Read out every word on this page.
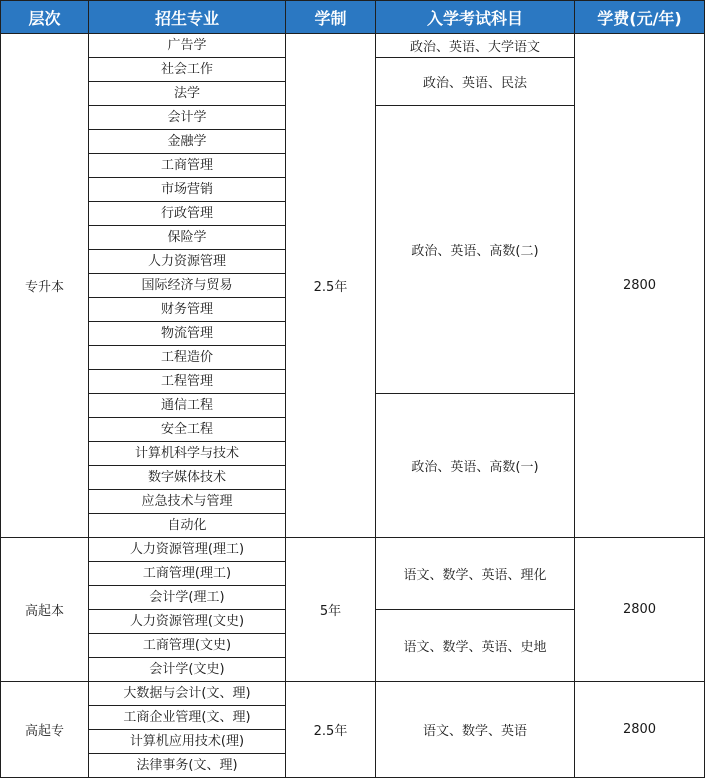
层次	招生专业	学制	入学考试科目	学费(元/年)
专升本	广告学	2.5年	政治、英语、大学语文	2800
	社会工作		政治、英语、民法	
	法学			
	会计学		政治、英语、高数(二)	
	金融学			
	工商管理			
	市场营销			
	行政管理			
	保险学			
	人力资源管理			
	国际经济与贸易			
	财务管理			
	物流管理			
	工程造价			
	工程管理			
	通信工程		政治、英语、高数(一)	
	安全工程			
	计算机科学与技术			
	数字媒体技术			
	应急技术与管理			
	自动化			
高起本	人力资源管理(理工)	5年	语文、数学、英语、理化	2800
	工商管理(理工)			
	会计学(理工)			
	人力资源管理(文史)		语文、数学、英语、史地	
	工商管理(文史)			
	会计学(文史)			
高起专	大数据与会计(文、理)	2.5年	语文、数学、英语	2800
	工商企业管理(文、理)			
	计算机应用技术(理)			
	法律事务(文、理)			
